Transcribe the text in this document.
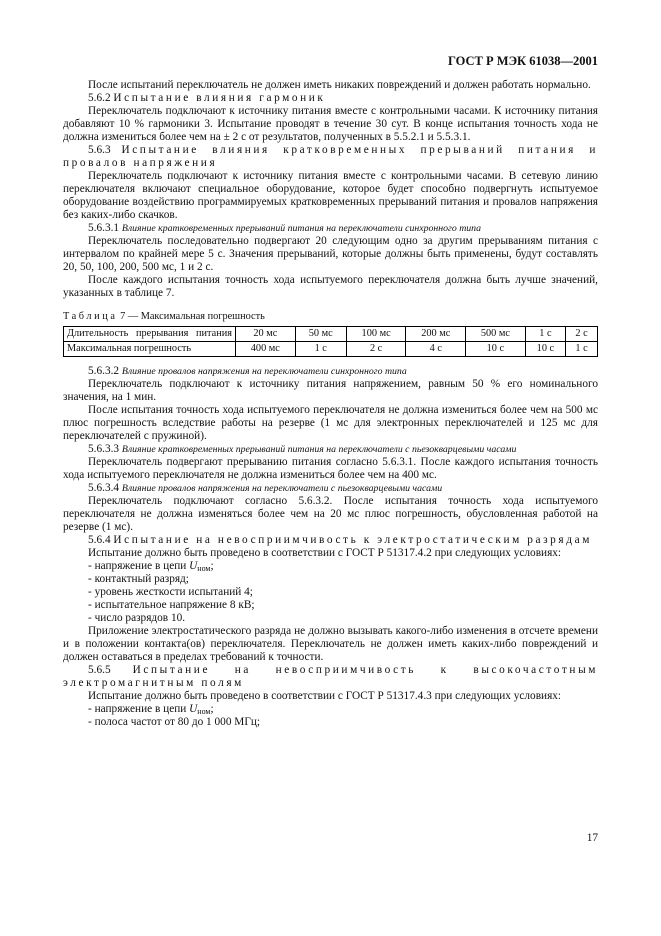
ГОСТ Р МЭК 61038—2001

После испытаний переключатель не должен иметь никаких повреждений и должен работать нормально.

5.6.2 Испытание влияния гармоник

Переключатель подключают к источнику питания вместе с контрольными часами. К источнику питания добавляют 10 % гармоники 3. Испытание проводят в течение 30 сут. В конце испытания точность хода не должна измениться более чем на ± 2 с от результатов, полученных в 5.5.2.1 и 5.5.3.1.

5.6.3 Испытание влияния кратковременных прерываний питания и провалов напряжения

Переключатель подключают к источнику питания вместе с контрольными часами. В сетевую линию переключателя включают специальное оборудование, которое будет способно подвергнуть испытуемое оборудование воздействию программируемых кратковременных прерываний питания и провалов напряжения без каких-либо скачков.

5.6.3.1 Влияние кратковременных прерываний питания на переключатели синхронного типа

Переключатель последовательно подвергают 20 следующим одно за другим прерываниям питания с интервалом по крайней мере 5 с. Значения прерываний, которые должны быть применены, будут составлять 20, 50, 100, 200, 500 мс, 1 и 2 с.

После каждого испытания точность хода испытуемого переключателя должна быть лучше значений, указанных в таблице 7.

Таблица 7 — Максимальная погрешность
Длительность прерывания питания	20 мс	50 мс	100 мс	200 мс	500 мс	1 с	2 с
Максимальная погрешность	400 мс	1 с	2 с	4 с	10 с	10 с	1 с

5.6.3.2 Влияние провалов напряжения на переключатели синхронного типа

Переключатель подключают к источнику питания напряжением, равным 50 % его номинального значения, на 1 мин.

После испытания точность хода испытуемого переключателя не должна измениться более чем на 500 мс плюс погрешность вследствие работы на резерве (1 мс для электронных переключателей и 125 мс для переключателей с пружиной).

5.6.3.3 Влияние кратковременных прерываний питания на переключатели с пьезокварцевыми часами

Переключатель подвергают прерыванию питания согласно 5.6.3.1. После каждого испытания точность хода испытуемого переключателя не должна измениться более чем на 400 мс.

5.6.3.4 Влияние провалов напряжения на переключатели с пьезокварцевыми часами

Переключатель подключают согласно 5.6.3.2. После испытания точность хода испытуемого переключателя не должна изменяться более чем на 20 мс плюс погрешность, обусловленная работой на резерве (1 мс).

5.6.4 Испытание на невосприимчивость к электростатическим разрядам

Испытание должно быть проведено в соответствии с ГОСТ Р 51317.4.2 при следующих условиях:

- напряжение в цепи $U_{ном}$;
- контактный разряд;
- уровень жесткости испытаний 4;
- испытательное напряжение 8 кВ;
- число разрядов 10.

Приложение электростатического разряда не должно вызывать какого-либо изменения в отсчете времени и в положении контакта(ов) переключателя. Переключатель не должен иметь каких-либо повреждений и должен оставаться в пределах требований к точности.

5.6.5 Испытание на невосприимчивость к высокочастотным электромагнитным полям

Испытание должно быть проведено в соответствии с ГОСТ Р 51317.4.3 при следующих условиях:

- напряжение в цепи $U_{ном}$;
- полоса частот от 80 до 1 000 МГц;
17
